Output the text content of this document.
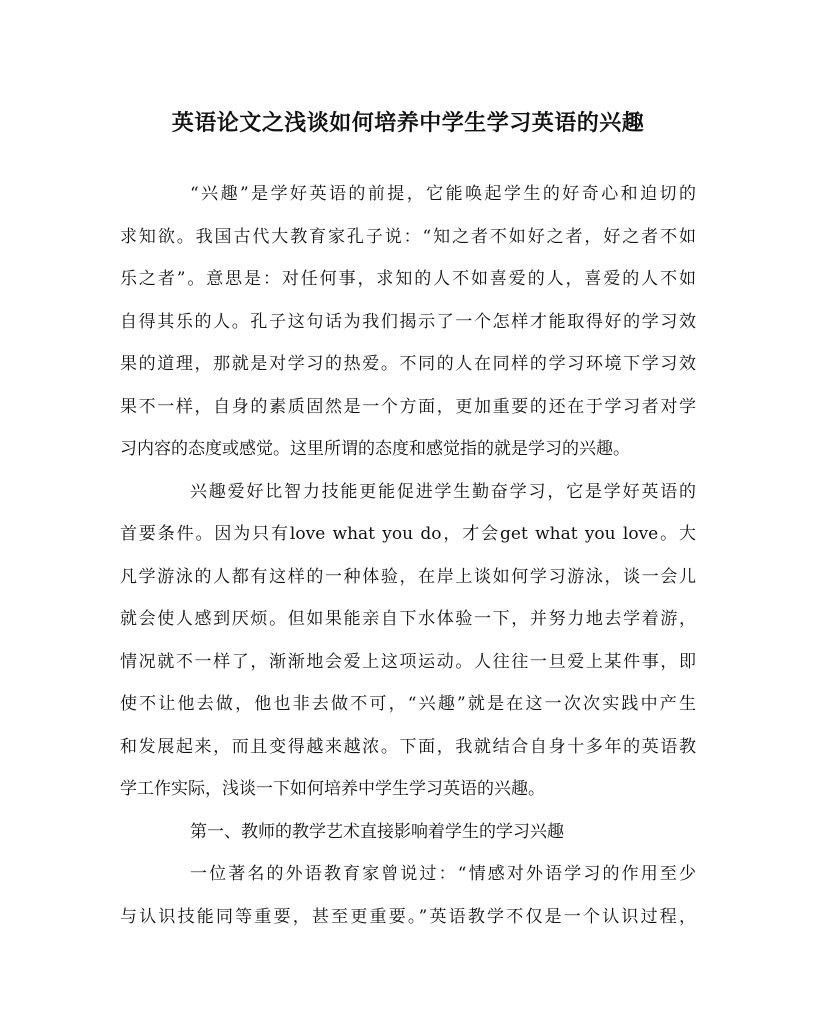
英语论文之浅谈如何培养中学生学习英语的兴趣
“兴趣”是学好英语的前提，它能唤起学生的好奇心和迫切的
求知欲。我国古代大教育家孔子说：“知之者不如好之者，好之者不如
乐之者”。意思是：对任何事，求知的人不如喜爱的人，喜爱的人不如
自得其乐的人。孔子这句话为我们揭示了一个怎样才能取得好的学习效
果的道理，那就是对学习的热爱。不同的人在同样的学习环境下学习效
果不一样，自身的素质固然是一个方面，更加重要的还在于学习者对学
习内容的态度或感觉。这里所谓的态度和感觉指的就是学习的兴趣。
兴趣爱好比智力技能更能促进学生勤奋学习，它是学好英语的
首要条件。因为只有love what you do，才会get what you love。大
凡学游泳的人都有这样的一种体验，在岸上谈如何学习游泳，谈一会儿
就会使人感到厌烦。但如果能亲自下水体验一下，并努力地去学着游，
情况就不一样了，渐渐地会爱上这项运动。人往往一旦爱上某件事，即
使不让他去做，他也非去做不可，“兴趣”就是在这一次次实践中产生
和发展起来，而且变得越来越浓。下面，我就结合自身十多年的英语教
学工作实际，浅谈一下如何培养中学生学习英语的兴趣。
第一、教师的教学艺术直接影响着学生的学习兴趣
一位著名的外语教育家曾说过：“情感对外语学习的作用至少
与认识技能同等重要，甚至更重要。”英语教学不仅是一个认识过程，
